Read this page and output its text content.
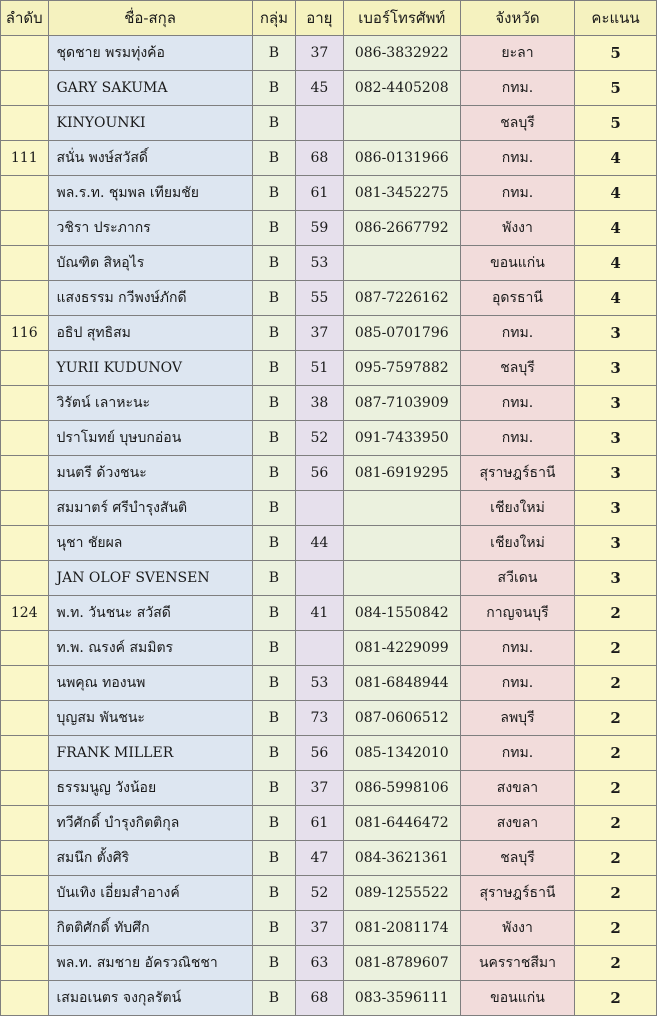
ลำดับ	ชื่อ-สกุล	กลุ่ม	อายุ	เบอร์โทรศัพท์	จังหวัด	คะแนน
	ชุดชาย พรมทุ่งค้อ	B	37	086-3832922	ยะลา	5
	GARY SAKUMA	B	45	082-4405208	กทม.	5
	KINYOUNKI	B			ชลบุรี	5
111	สนั่น พงษ์สวัสดิ์	B	68	086-0131966	กทม.	4
	พล.ร.ท. ชุมพล เทียมชัย	B	61	081-3452275	กทม.	4
	วชิรา ประภากร	B	59	086-2667792	พังงา	4
	บัณฑิต สิหอุไร	B	53		ขอนแก่น	4
	แสงธรรม กวีพงษ์ภักดี	B	55	087-7226162	อุดรธานี	4
116	อธิป สุทธิสม	B	37	085-0701796	กทม.	3
	YURII KUDUNOV	B	51	095-7597882	ชลบุรี	3
	วิรัตน์ เลาหะนะ	B	38	087-7103909	กทม.	3
	ปราโมทย์ บุษบกอ่อน	B	52	091-7433950	กทม.	3
	มนตรี ด้วงชนะ	B	56	081-6919295	สุราษฎร์ธานี	3
	สมมาตร์ ศรีบำรุงสันติ	B			เชียงใหม่	3
	นุชา ชัยผล	B	44		เชียงใหม่	3
	JAN OLOF SVENSEN	B			สวีเดน	3
124	พ.ท. วันชนะ สวัสดี	B	41	084-1550842	กาญจนบุรี	2
	ท.พ. ณรงค์ สมมิตร	B		081-4229099	กทม.	2
	นพคุณ ทองนพ	B	53	081-6848944	กทม.	2
	บุญสม พันชนะ	B	73	087-0606512	ลพบุรี	2
	FRANK MILLER	B	56	085-1342010	กทม.	2
	ธรรมนูญ วังน้อย	B	37	086-5998106	สงขลา	2
	ทวีศักดิ์ บำรุงกิตติกุล	B	61	081-6446472	สงขลา	2
	สมนึก ตั้งศิริ	B	47	084-3621361	ชลบุรี	2
	บันเทิง เอี่ยมสำอางค์	B	52	089-1255522	สุราษฎร์ธานี	2
	กิตติศักดิ์ ทับศึก	B	37	081-2081174	พังงา	2
	พล.ท. สมชาย อัครวณิชชา	B	63	081-8789607	นครราชสีมา	2
	เสมอเนตร จงกุลรัตน์	B	68	083-3596111	ขอนแก่น	2
